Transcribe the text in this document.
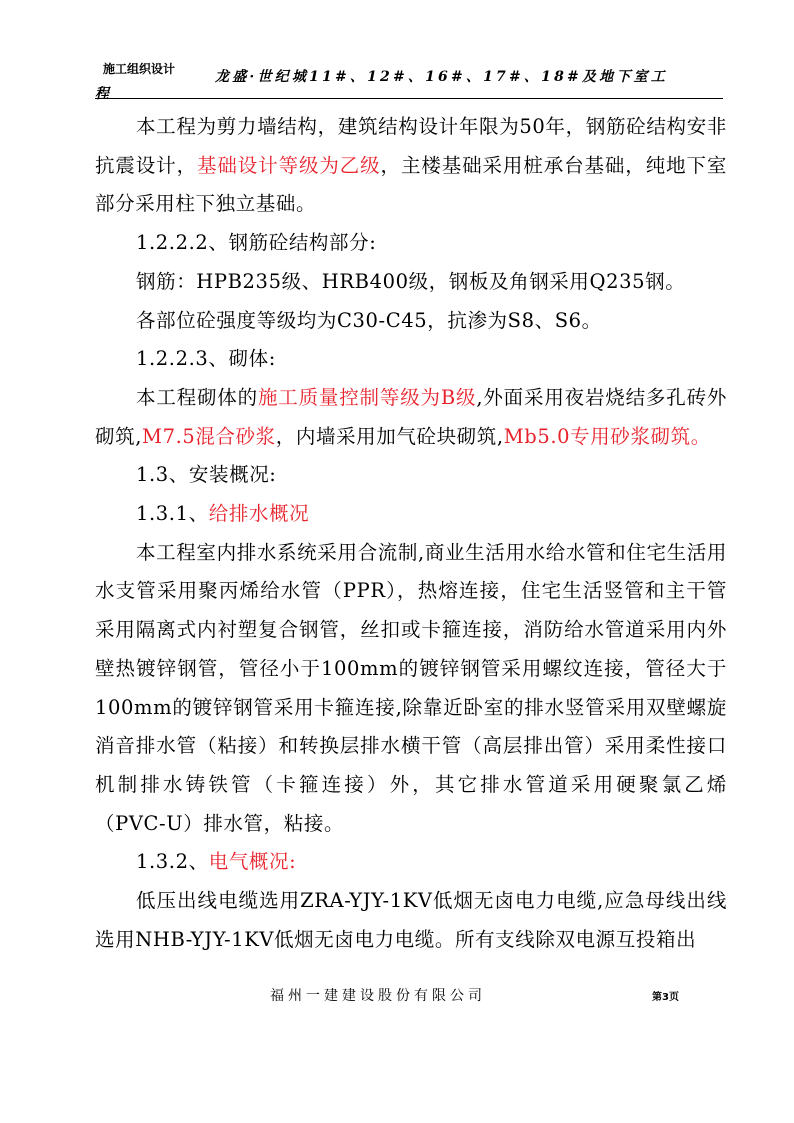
施工组织设计	龙盛·世纪城11#、12#、16#、17#、18#及地下室工
程

本工程为剪力墙结构，建筑结构设计年限为50年，钢筋砼结构安非抗震设计，基础设计等级为乙级，主楼基础采用桩承台基础，纯地下室部分采用柱下独立基础。

1.2.2.2、钢筋砼结构部分:

钢筋：HPB235级、HRB400级，钢板及角钢采用Q235钢。

各部位砼强度等级均为C30-C45，抗渗为S8、S6。

1.2.2.3、砌体:

本工程砌体的施工质量控制等级为B级,外面采用夜岩烧结多孔砖外砌筑,M7.5混合砂浆，内墙采用加气砼块砌筑,Mb5.0专用砂浆砌筑。

1.3、安装概况:

1.3.1、给排水概况

本工程室内排水系统采用合流制,商业生活用水给水管和住宅生活用水支管采用聚丙烯给水管（PPR），热熔连接，住宅生活竖管和主干管采用隔离式内衬塑复合钢管，丝扣或卡箍连接，消防给水管道采用内外壁热镀锌钢管，管径小于100mm的镀锌钢管采用螺纹连接，管径大于100mm的镀锌钢管采用卡箍连接,除靠近卧室的排水竖管采用双壁螺旋消音排水管（粘接）和转换层排水横干管（高层排出管）采用柔性接口机制排水铸铁管（卡箍连接）外，其它排水管道采用硬聚氯乙烯（PVC-U）排水管，粘接。

1.3.2、电气概况:

低压出线电缆选用ZRA-YJY-1KV低烟无卤电力电缆,应急母线出线选用NHB-YJY-1KV低烟无卤电力电缆。所有支线除双电源互投箱出

福州一建建设股份有限公司	第3页
